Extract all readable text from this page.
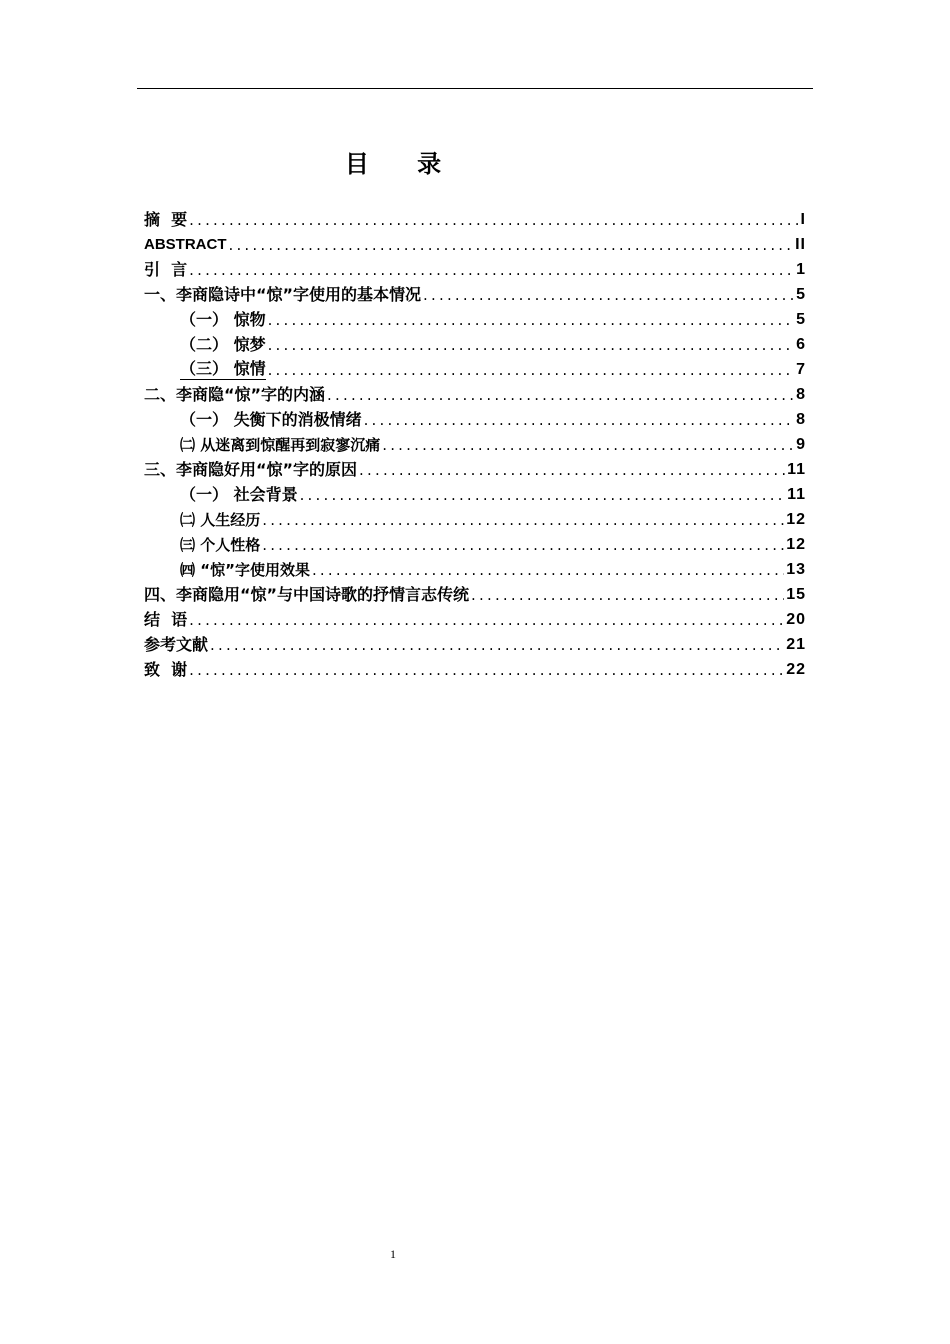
目 录
摘  要 .....	I
ABSTRACT .....	II
引  言 .....	1
一、李商隐诗中“惊”字使用的基本情况 .....	5
（一） 惊物 .....	5
（二） 惊梦 .....	6
（三） 惊情 .....	7
二、李商隐“惊”字的内涵 .....	8
（一） 失衡下的消极情绪 .....	8
㈡ 从迷离到惊醒再到寂寥沉痛 .....	9
三、李商隐好用“惊”字的原因 .....	11
（一） 社会背景 .....	11
㈡ 人生经历 .....	12
㈢ 个人性格 .....	12
㈣ “惊”字使用效果 .....	13
四、李商隐用“惊”与中国诗歌的抒情言志传统 .....	15
结  语 .....	20
参考文献 .....	21
致  谢 .....	22
1
